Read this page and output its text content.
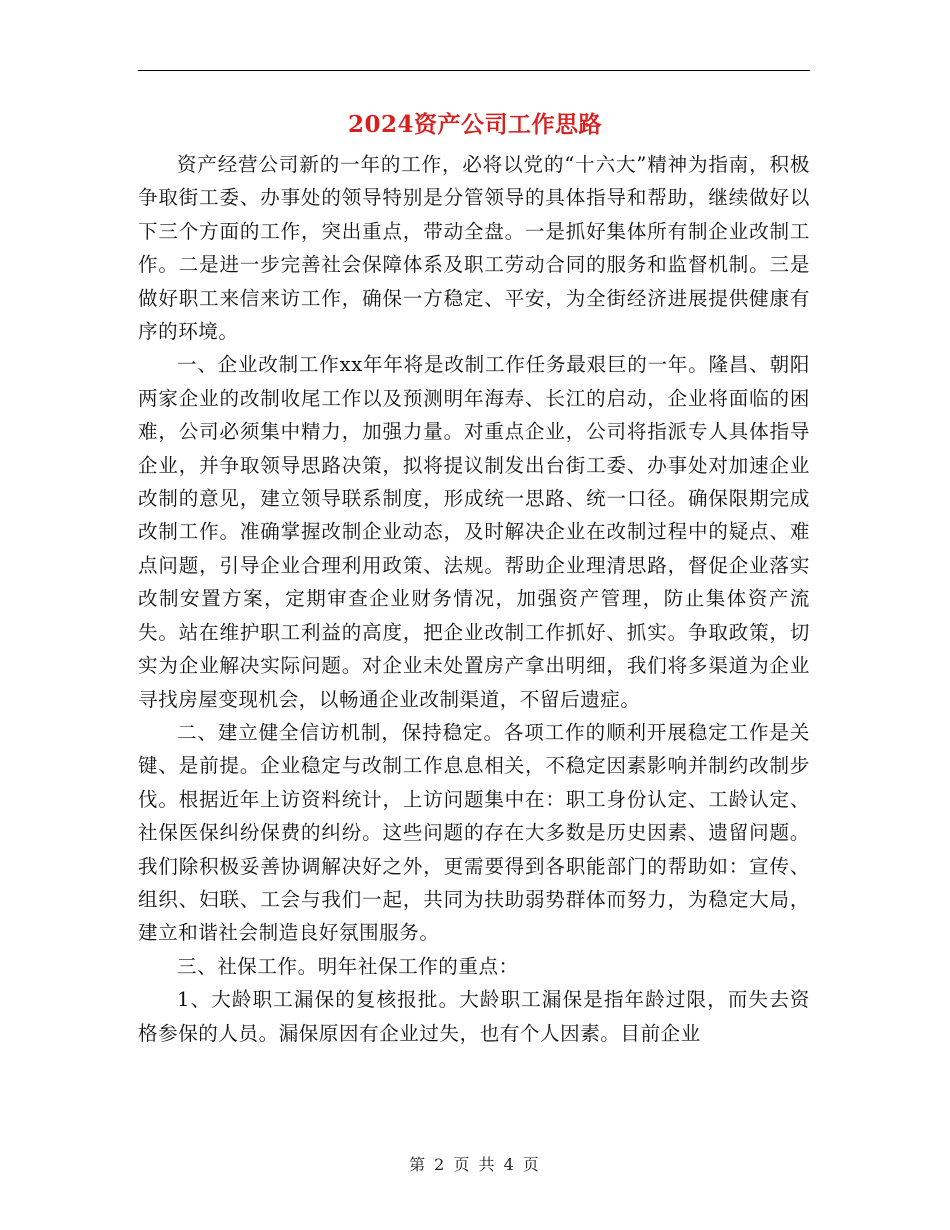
2024资产公司工作思路

资产经营公司新的一年的工作，必将以党的“十六大”精神为指南，积极争取街工委、办事处的领导特别是分管领导的具体指导和帮助，继续做好以下三个方面的工作，突出重点，带动全盘。一是抓好集体所有制企业改制工作。二是进一步完善社会保障体系及职工劳动合同的服务和监督机制。三是做好职工来信来访工作，确保一方稳定、平安，为全街经济进展提供健康有序的环境。

一、企业改制工作xx年年将是改制工作任务最艰巨的一年。隆昌、朝阳两家企业的改制收尾工作以及预测明年海寿、长江的启动，企业将面临的困难，公司必须集中精力，加强力量。对重点企业，公司将指派专人具体指导企业，并争取领导思路决策，拟将提议制发出台街工委、办事处对加速企业改制的意见，建立领导联系制度，形成统一思路、统一口径。确保限期完成改制工作。准确掌握改制企业动态，及时解决企业在改制过程中的疑点、难点问题，引导企业合理利用政策、法规。帮助企业理清思路，督促企业落实改制安置方案，定期审查企业财务情况，加强资产管理，防止集体资产流失。站在维护职工利益的高度，把企业改制工作抓好、抓实。争取政策，切实为企业解决实际问题。对企业未处置房产拿出明细，我们将多渠道为企业寻找房屋变现机会，以畅通企业改制渠道，不留后遗症。

二、建立健全信访机制，保持稳定。各项工作的顺利开展稳定工作是关键、是前提。企业稳定与改制工作息息相关，不稳定因素影响并制约改制步伐。根据近年上访资料统计，上访问题集中在：职工身份认定、工龄认定、社保医保纠纷保费的纠纷。这些问题的存在大多数是历史因素、遗留问题。我们除积极妥善协调解决好之外，更需要得到各职能部门的帮助如：宣传、组织、妇联、工会与我们一起，共同为扶助弱势群体而努力，为稳定大局，建立和谐社会制造良好氛围服务。

三、社保工作。明年社保工作的重点：

1、大龄职工漏保的复核报批。大龄职工漏保是指年龄过限，而失去资格参保的人员。漏保原因有企业过失，也有个人因素。目前企业

第 2 页 共 4 页
